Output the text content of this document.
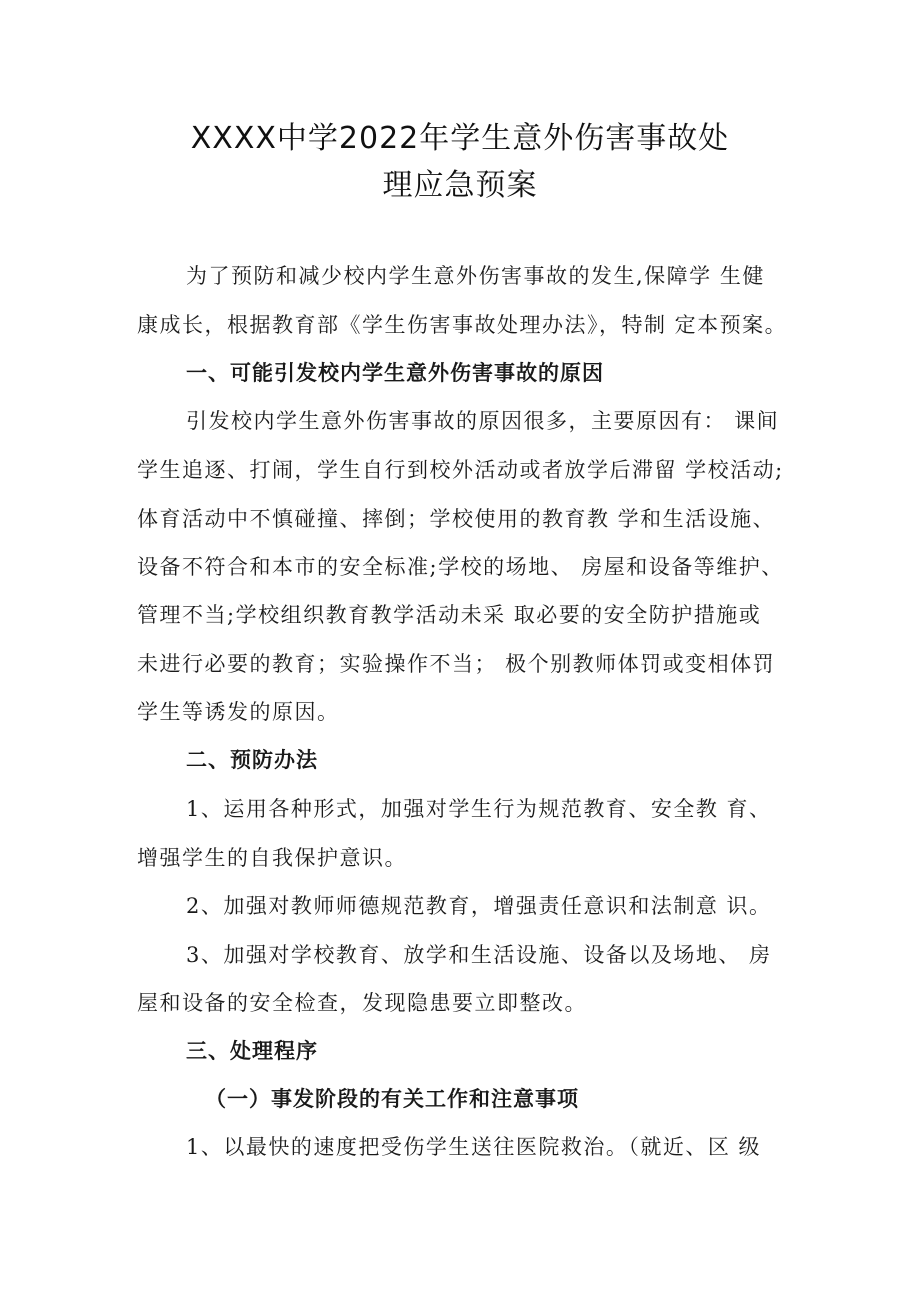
XXXX中学2022年学生意外伤害事故处
理应急预案
为了预防和减少校内学生意外伤害事故的发生,保障学 生健
康成长，根据教育部《学生伤害事故处理办法》，特制 定本预案。
一、可能引发校内学生意外伤害事故的原因
引发校内学生意外伤害事故的原因很多，主要原因有： 课间
学生追逐、打闹，学生自行到校外活动或者放学后滞留 学校活动;
体育活动中不慎碰撞、摔倒；学校使用的教育教 学和生活设施、
设备不符合和本市的安全标准;学校的场地、 房屋和设备等维护、
管理不当;学校组织教育教学活动未采 取必要的安全防护措施或
未进行必要的教育；实验操作不当； 极个别教师体罚或变相体罚
学生等诱发的原因。
二、预防办法
1、运用各种形式，加强对学生行为规范教育、安全教 育、
增强学生的自我保护意识。
2、加强对教师师德规范教育，增强责任意识和法制意 识。
3、加强对学校教育、放学和生活设施、设备以及场地、 房
屋和设备的安全检查，发现隐患要立即整改。
三、处理程序
（一）事发阶段的有关工作和注意事项
1、以最快的速度把受伤学生送往医院救治。（就近、区 级
